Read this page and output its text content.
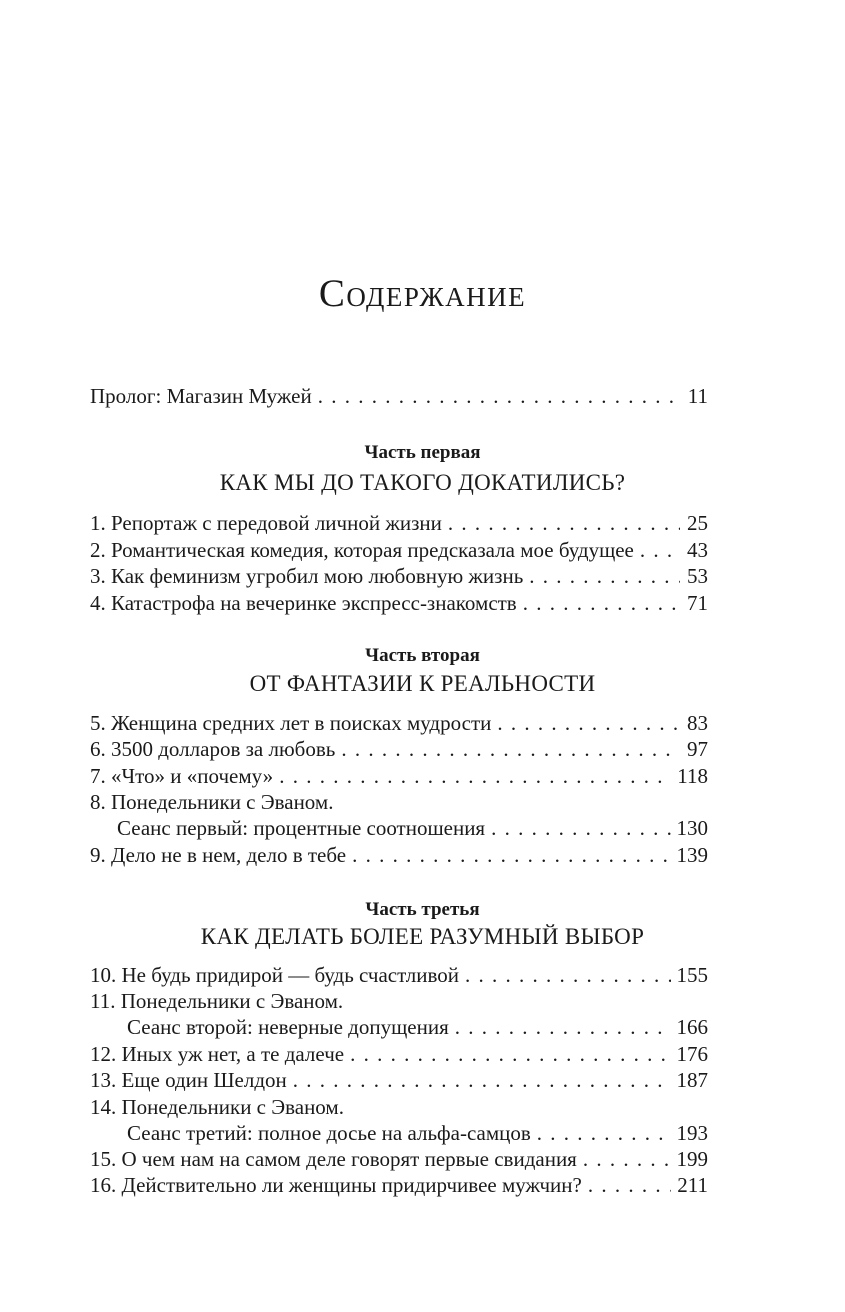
Содержание
Пролог: Магазин Мужей . . .	11
Часть первая
КАК МЫ ДО ТАКОГО ДОКАТИЛИСЬ?
1. Репортаж с передовой личной жизни . . .	25
2. Романтическая комедия, которая предсказала мое будущее . . .	43
3. Как феминизм угробил мою любовную жизнь . . .	53
4. Катастрофа на вечеринке экспресс-знакомств . . .	71
Часть вторая
ОТ ФАНТАЗИИ К РЕАЛЬНОСТИ
5. Женщина средних лет в поисках мудрости . . .	83
6. 3500 долларов за любовь . . .	97
7. «Что» и «почему» . . .	118
8. Понедельники с Эваном.
Сеанс первый: процентные соотношения . . .	130
9. Дело не в нем, дело в тебе . . .	139
Часть третья
КАК ДЕЛАТЬ БОЛЕЕ РАЗУМНЫЙ ВЫБОР
10. Не будь придирой — будь счастливой . . .	155
11. Понедельники с Эваном.
Сеанс второй: неверные допущения . . .	166
12. Иных уж нет, а те далече . . .	176
13. Еще один Шелдон . . .	187
14. Понедельники с Эваном.
Сеанс третий: полное досье на альфа-самцов . . .	193
15. О чем нам на самом деле говорят первые свидания . . .	199
16. Действительно ли женщины придирчивее мужчин? . . .	211
